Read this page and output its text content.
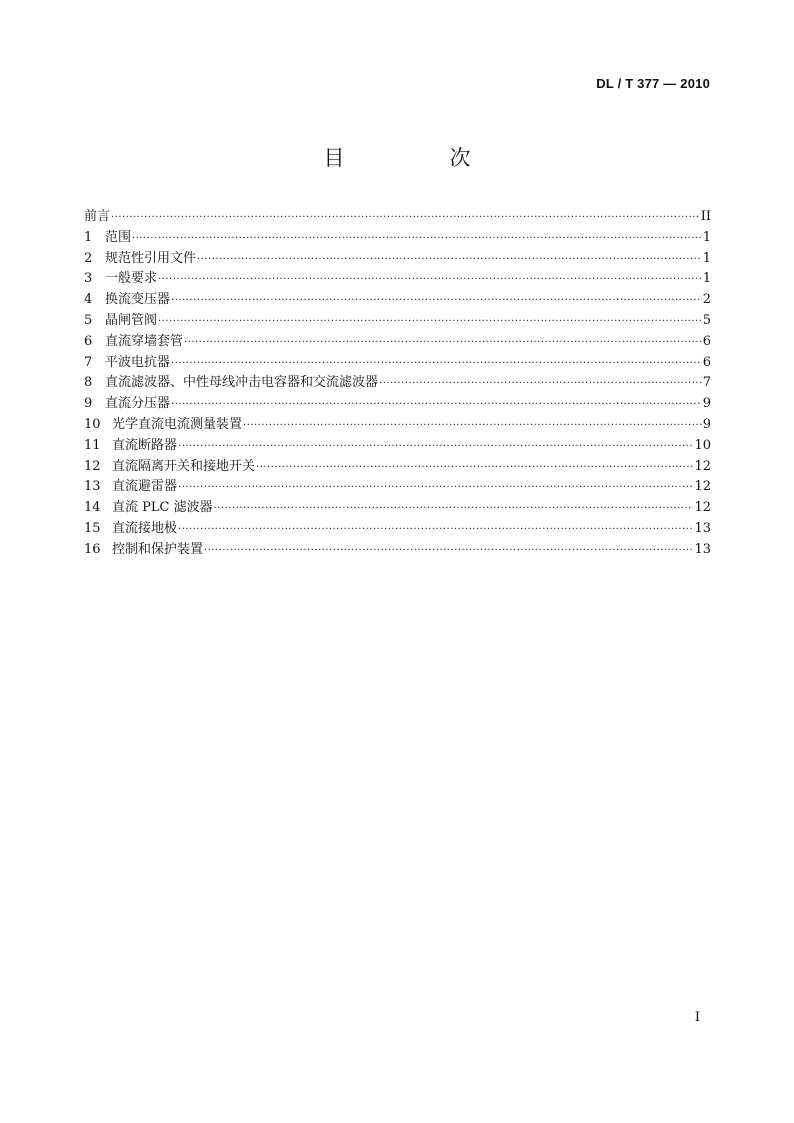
DL / T 377 — 2010
目　次
前言 ·····	II
1 范围 ·····	1
2 规范性引用文件 ·····	1
3 一般要求 ·····	1
4 换流变压器 ·····	2
5 晶闸管阀 ·····	5
6 直流穿墙套管 ·····	6
7 平波电抗器 ·····	6
8 直流滤波器、中性母线冲击电容器和交流滤波器 ·····	7
9 直流分压器 ·····	9
10 光学直流电流测量装置 ·····	9
11 直流断路器 ·····	10
12 直流隔离开关和接地开关 ·····	12
13 直流避雷器 ·····	12
14 直流 PLC 滤波器 ·····	12
15 直流接地极 ·····	13
16 控制和保护装置 ·····	13
I
